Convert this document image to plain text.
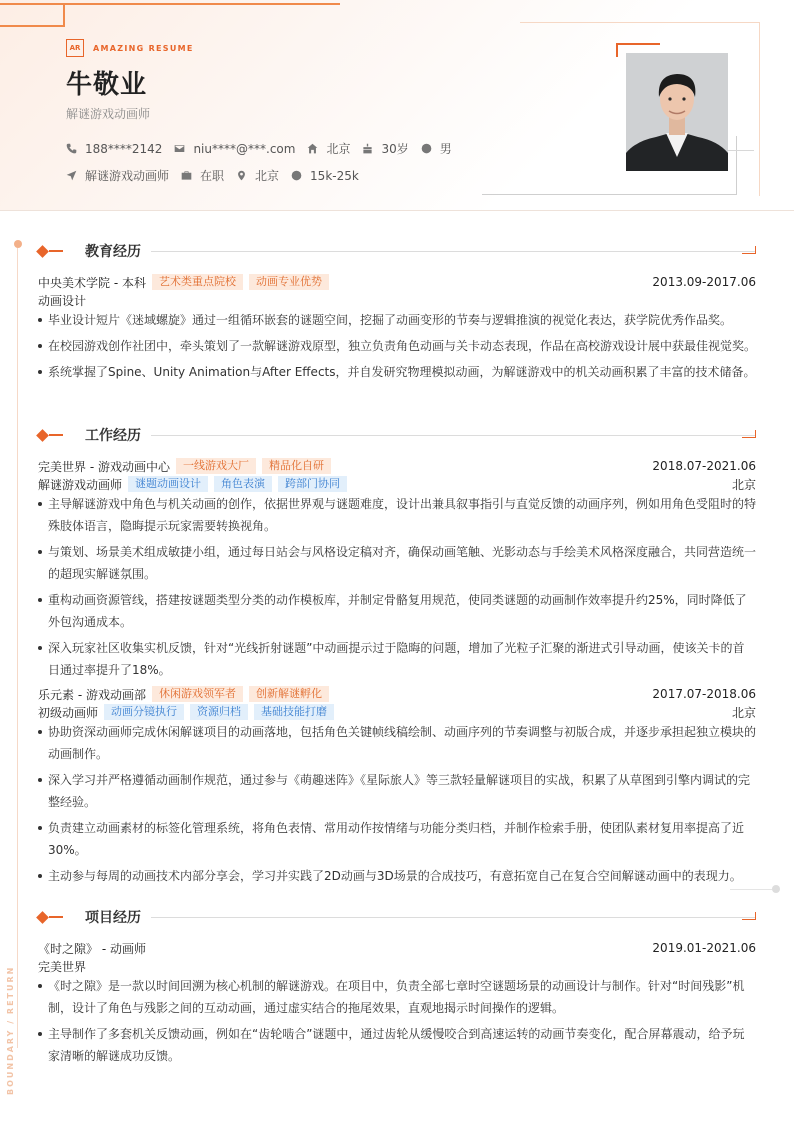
AR	AMAZING RESUME
牛敬业
解谜游戏动画师
188****2142	niu****@***.com	北京	30岁	男
解谜游戏动画师	在职	北京	15k-25k
BOUNDARY / RETURN
教育经历
中央美术学院 - 本科	艺术类重点院校	动画专业优势	2013.09-2017.06
动画设计
毕业设计短片《迷域螺旋》通过一组循环嵌套的谜题空间，挖掘了动画变形的节奏与逻辑推演的视觉化表达，获学院优秀作品奖。
在校园游戏创作社团中，牵头策划了一款解谜游戏原型，独立负责角色动画与关卡动态表现，作品在高校游戏设计展中获最佳视觉奖。
系统掌握了Spine、Unity Animation与After Effects，并自发研究物理模拟动画，为解谜游戏中的机关动画积累了丰富的技术储备。
工作经历
完美世界 - 游戏动画中心	一线游戏大厂	精品化自研	2018.07-2021.06
解谜游戏动画师	谜题动画设计	角色表演	跨部门协同	北京
主导解谜游戏中角色与机关动画的创作，依据世界观与谜题难度，设计出兼具叙事指引与直觉反馈的动画序列，例如用角色受阻时的特殊肢体语言，隐晦提示玩家需要转换视角。
与策划、场景美术组成敏捷小组，通过每日站会与风格设定稿对齐，确保动画笔触、光影动态与手绘美术风格深度融合，共同营造统一的超现实解谜氛围。
重构动画资源管线，搭建按谜题类型分类的动作模板库，并制定骨骼复用规范，使同类谜题的动画制作效率提升约25%，同时降低了外包沟通成本。
深入玩家社区收集实机反馈，针对“光线折射谜题”中动画提示过于隐晦的问题，增加了光粒子汇聚的渐进式引导动画，使该关卡的首日通过率提升了18%。
乐元素 - 游戏动画部	休闲游戏领军者	创新解谜孵化	2017.07-2018.06
初级动画师	动画分镜执行	资源归档	基础技能打磨	北京
协助资深动画师完成休闲解谜项目的动画落地，包括角色关键帧线稿绘制、动画序列的节奏调整与初版合成，并逐步承担起独立模块的动画制作。
深入学习并严格遵循动画制作规范，通过参与《萌趣迷阵》《星际旅人》等三款轻量解谜项目的实战，积累了从草图到引擎内调试的完整经验。
负责建立动画素材的标签化管理系统，将角色表情、常用动作按情绪与功能分类归档，并制作检索手册，使团队素材复用率提高了近30%。
主动参与每周的动画技术内部分享会，学习并实践了2D动画与3D场景的合成技巧，有意拓宽自己在复合空间解谜动画中的表现力。
项目经历
《时之隙》 - 动画师	2019.01-2021.06
完美世界
《时之隙》是一款以时间回溯为核心机制的解谜游戏。在项目中，负责全部七章时空谜题场景的动画设计与制作。针对“时间残影”机制，设计了角色与残影之间的互动动画，通过虚实结合的拖尾效果，直观地揭示时间操作的逻辑。
主导制作了多套机关反馈动画，例如在“齿轮啮合”谜题中，通过齿轮从缓慢咬合到高速运转的动画节奏变化，配合屏幕震动，给予玩家清晰的解谜成功反馈。
